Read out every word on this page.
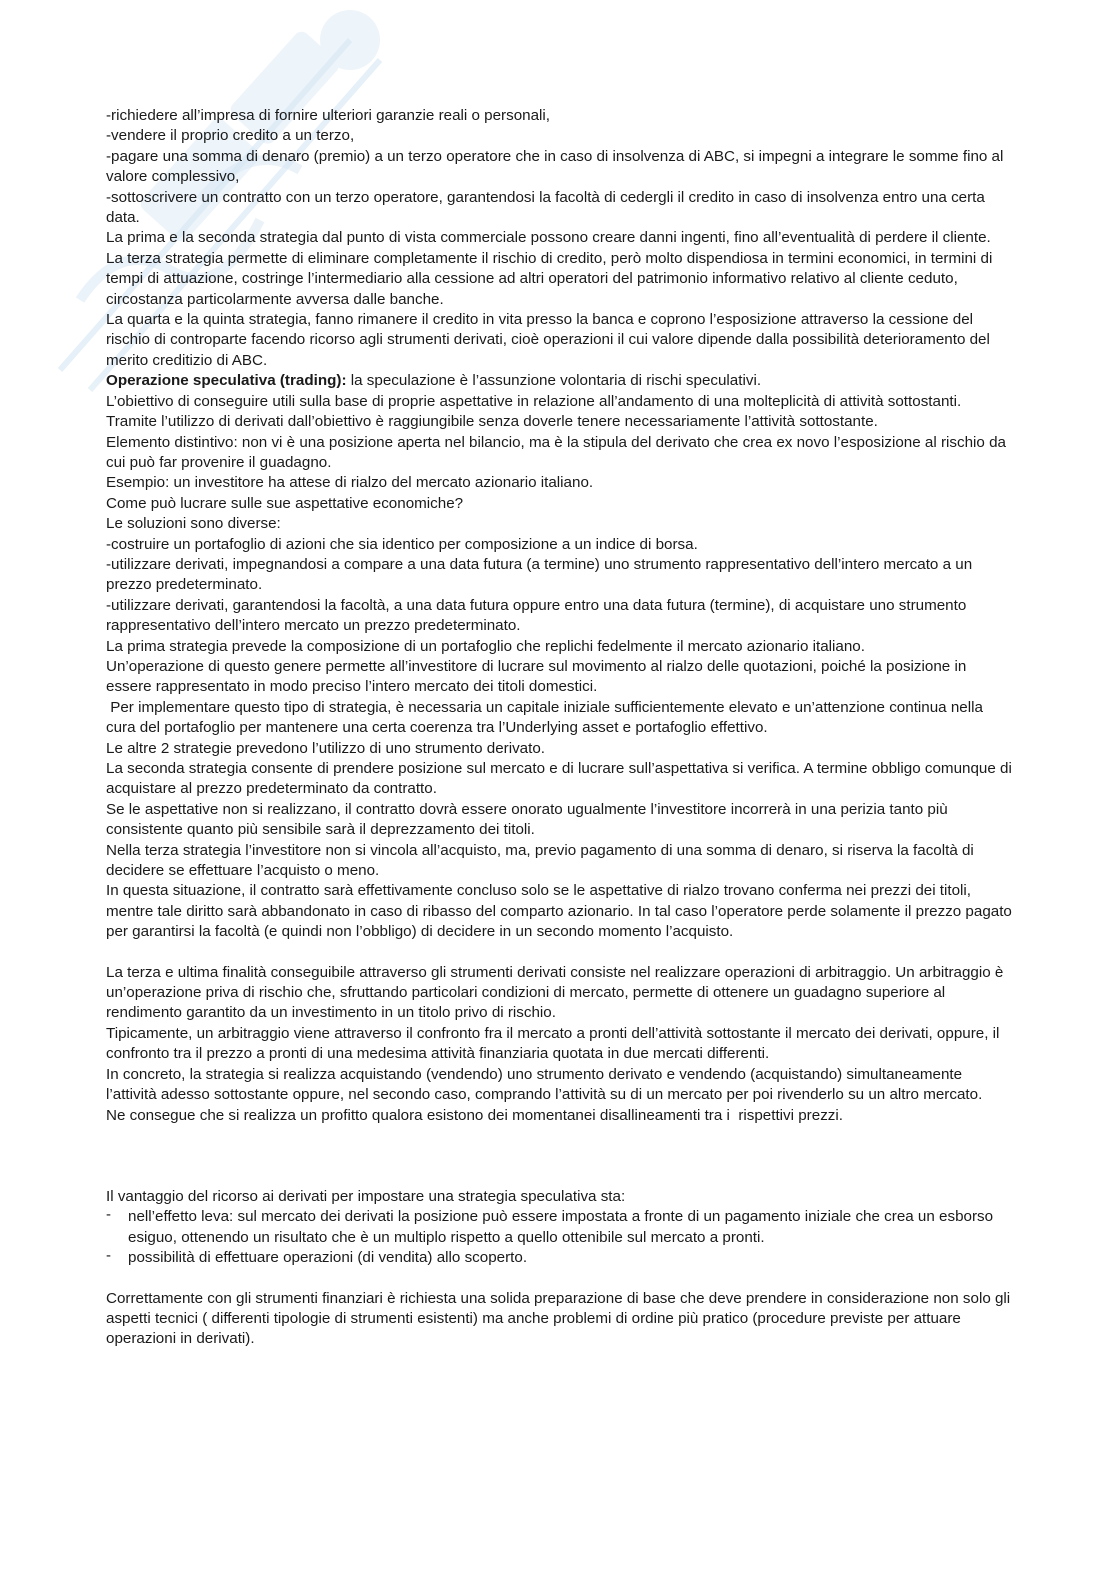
-richiedere all’impresa di fornire ulteriori garanzie reali o personali,

-vendere il proprio credito a un terzo,

-pagare una somma di denaro (premio) a un terzo operatore che in caso di insolvenza di ABC, si impegni a integrare le somme fino al valore complessivo,

-sottoscrivere un contratto con un terzo operatore, garantendosi la facoltà di cedergli il credito in caso di insolvenza entro una certa data.

La prima e la seconda strategia dal punto di vista commerciale possono creare danni ingenti, fino all’eventualità di perdere il cliente.

La terza strategia permette di eliminare completamente il rischio di credito, però molto dispendiosa in termini economici, in termini di tempi di attuazione, costringe l’intermediario alla cessione ad altri operatori del patrimonio informativo relativo al cliente ceduto, circostanza particolarmente avversa dalle banche.

La quarta e la quinta strategia, fanno rimanere il credito in vita presso la banca e coprono l’esposizione attraverso la cessione del rischio di controparte facendo ricorso agli strumenti derivati, cioè operazioni il cui valore dipende dalla possibilità deterioramento del merito creditizio di ABC.

Operazione speculativa (trading): la speculazione è l’assunzione volontaria di rischi speculativi.

L’obiettivo di conseguire utili sulla base di proprie aspettative in relazione all’andamento di una molteplicità di attività sottostanti.

Tramite l’utilizzo di derivati dall’obiettivo è raggiungibile senza doverle tenere necessariamente l’attività sottostante.

Elemento distintivo: non vi è una posizione aperta nel bilancio, ma è la stipula del derivato che crea ex novo l’esposizione al rischio da cui può far provenire il guadagno.

Esempio: un investitore ha attese di rialzo del mercato azionario italiano.

Come può lucrare sulle sue aspettative economiche?

Le soluzioni sono diverse:

-costruire un portafoglio di azioni che sia identico per composizione a un indice di borsa.

-utilizzare derivati, impegnandosi a compare a una data futura (a termine) uno strumento rappresentativo dell’intero mercato a un prezzo predeterminato.

-utilizzare derivati, garantendosi la facoltà, a una data futura oppure entro una data futura (termine), di acquistare uno strumento rappresentativo dell’intero mercato un prezzo predeterminato.

La prima strategia prevede la composizione di un portafoglio che replichi fedelmente il mercato azionario italiano.

Un’operazione di questo genere permette all’investitore di lucrare sul movimento al rialzo delle quotazioni, poiché la posizione in essere rappresentato in modo preciso l’intero mercato dei titoli domestici.

Per implementare questo tipo di strategia, è necessaria un capitale iniziale sufficientemente elevato e un’attenzione continua nella cura del portafoglio per mantenere una certa coerenza tra l’Underlying asset e portafoglio effettivo.

Le altre 2 strategie prevedono l’utilizzo di uno strumento derivato.

La seconda strategia consente di prendere posizione sul mercato e di lucrare sull’aspettativa si verifica. A termine obbligo comunque di acquistare al prezzo predeterminato da contratto.

Se le aspettative non si realizzano, il contratto dovrà essere onorato ugualmente l’investitore incorrerà in una perizia tanto più consistente quanto più sensibile sarà il deprezzamento dei titoli.

Nella terza strategia l’investitore non si vincola all’acquisto, ma, previo pagamento di una somma di denaro, si riserva la facoltà di decidere se effettuare l’acquisto o meno.

In questa situazione, il contratto sarà effettivamente concluso solo se le aspettative di rialzo trovano conferma nei prezzi dei titoli, mentre tale diritto sarà abbandonato in caso di ribasso del comparto azionario. In tal caso l’operatore perde solamente il prezzo pagato per garantirsi la facoltà (e quindi non l’obbligo) di decidere in un secondo momento l’acquisto.

La terza e ultima finalità conseguibile attraverso gli strumenti derivati consiste nel realizzare operazioni di arbitraggio. Un arbitraggio è un’operazione priva di rischio che, sfruttando particolari condizioni di mercato, permette di ottenere un guadagno superiore al rendimento garantito da un investimento in un titolo privo di rischio.

Tipicamente, un arbitraggio viene attraverso il confronto fra il mercato a pronti dell’attività sottostante il mercato dei derivati, oppure, il confronto tra il prezzo a pronti di una medesima attività finanziaria quotata in due mercati differenti.

In concreto, la strategia si realizza acquistando (vendendo) uno strumento derivato e vendendo (acquistando) simultaneamente l’attività adesso sottostante oppure, nel secondo caso, comprando l’attività su di un mercato per poi rivenderlo su un altro mercato.

Ne consegue che si realizza un profitto qualora esistono dei momentanei disallineamenti tra i  rispettivi prezzi.

Il vantaggio del ricorso ai derivati per impostare una strategia speculativa sta:

- nell’effetto leva: sul mercato dei derivati la posizione può essere impostata a fronte di un pagamento iniziale che crea un esborso esiguo, ottenendo un risultato che è un multiplo rispetto a quello ottenibile sul mercato a pronti.
- possibilità di effettuare operazioni (di vendita) allo scoperto.

Correttamente con gli strumenti finanziari è richiesta una solida preparazione di base che deve prendere in considerazione non solo gli aspetti tecnici ( differenti tipologie di strumenti esistenti) ma anche problemi di ordine più pratico (procedure previste per attuare operazioni in derivati).
